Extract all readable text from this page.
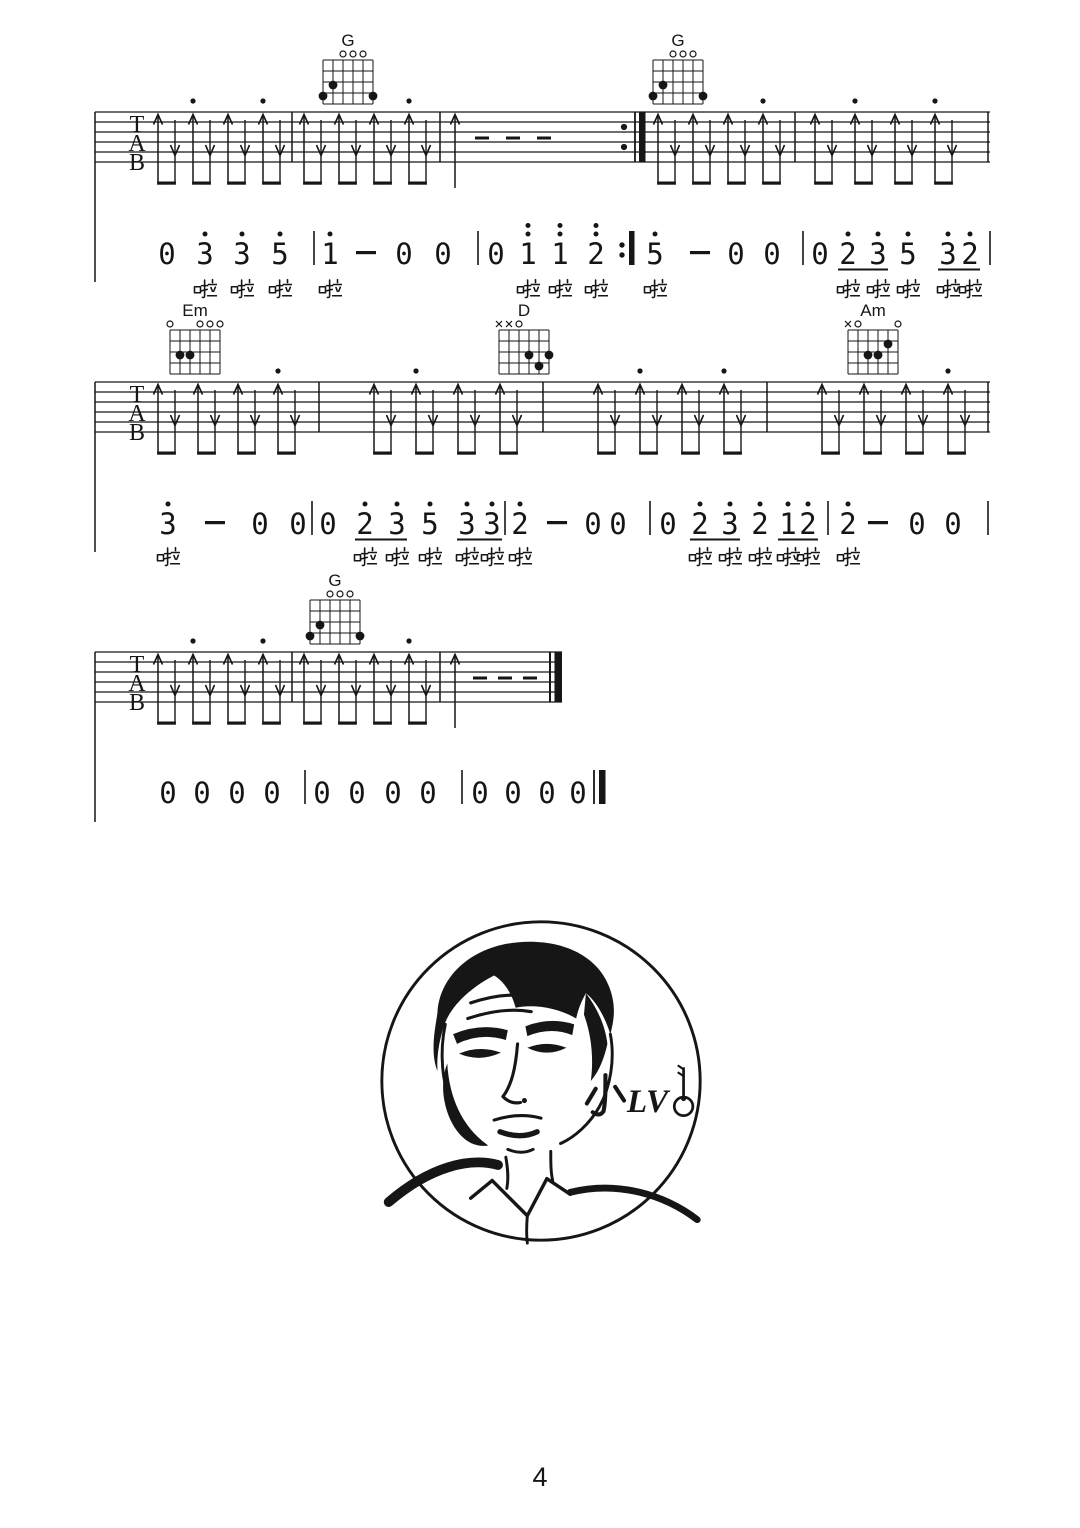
T
A
B
G	G
T
A
B
Em	D	Am
T
A
B
G
0 3 3 5 1 0 0 0 1 1 2 5 0 0 0 2 3 5 3 2
3	0 0 0 2 3 5 3 3 2 0 0 0 2 3 2 1 2 2 0 0
0 0 0 0 0 0 0 0 0 0 0 0
LV
4
